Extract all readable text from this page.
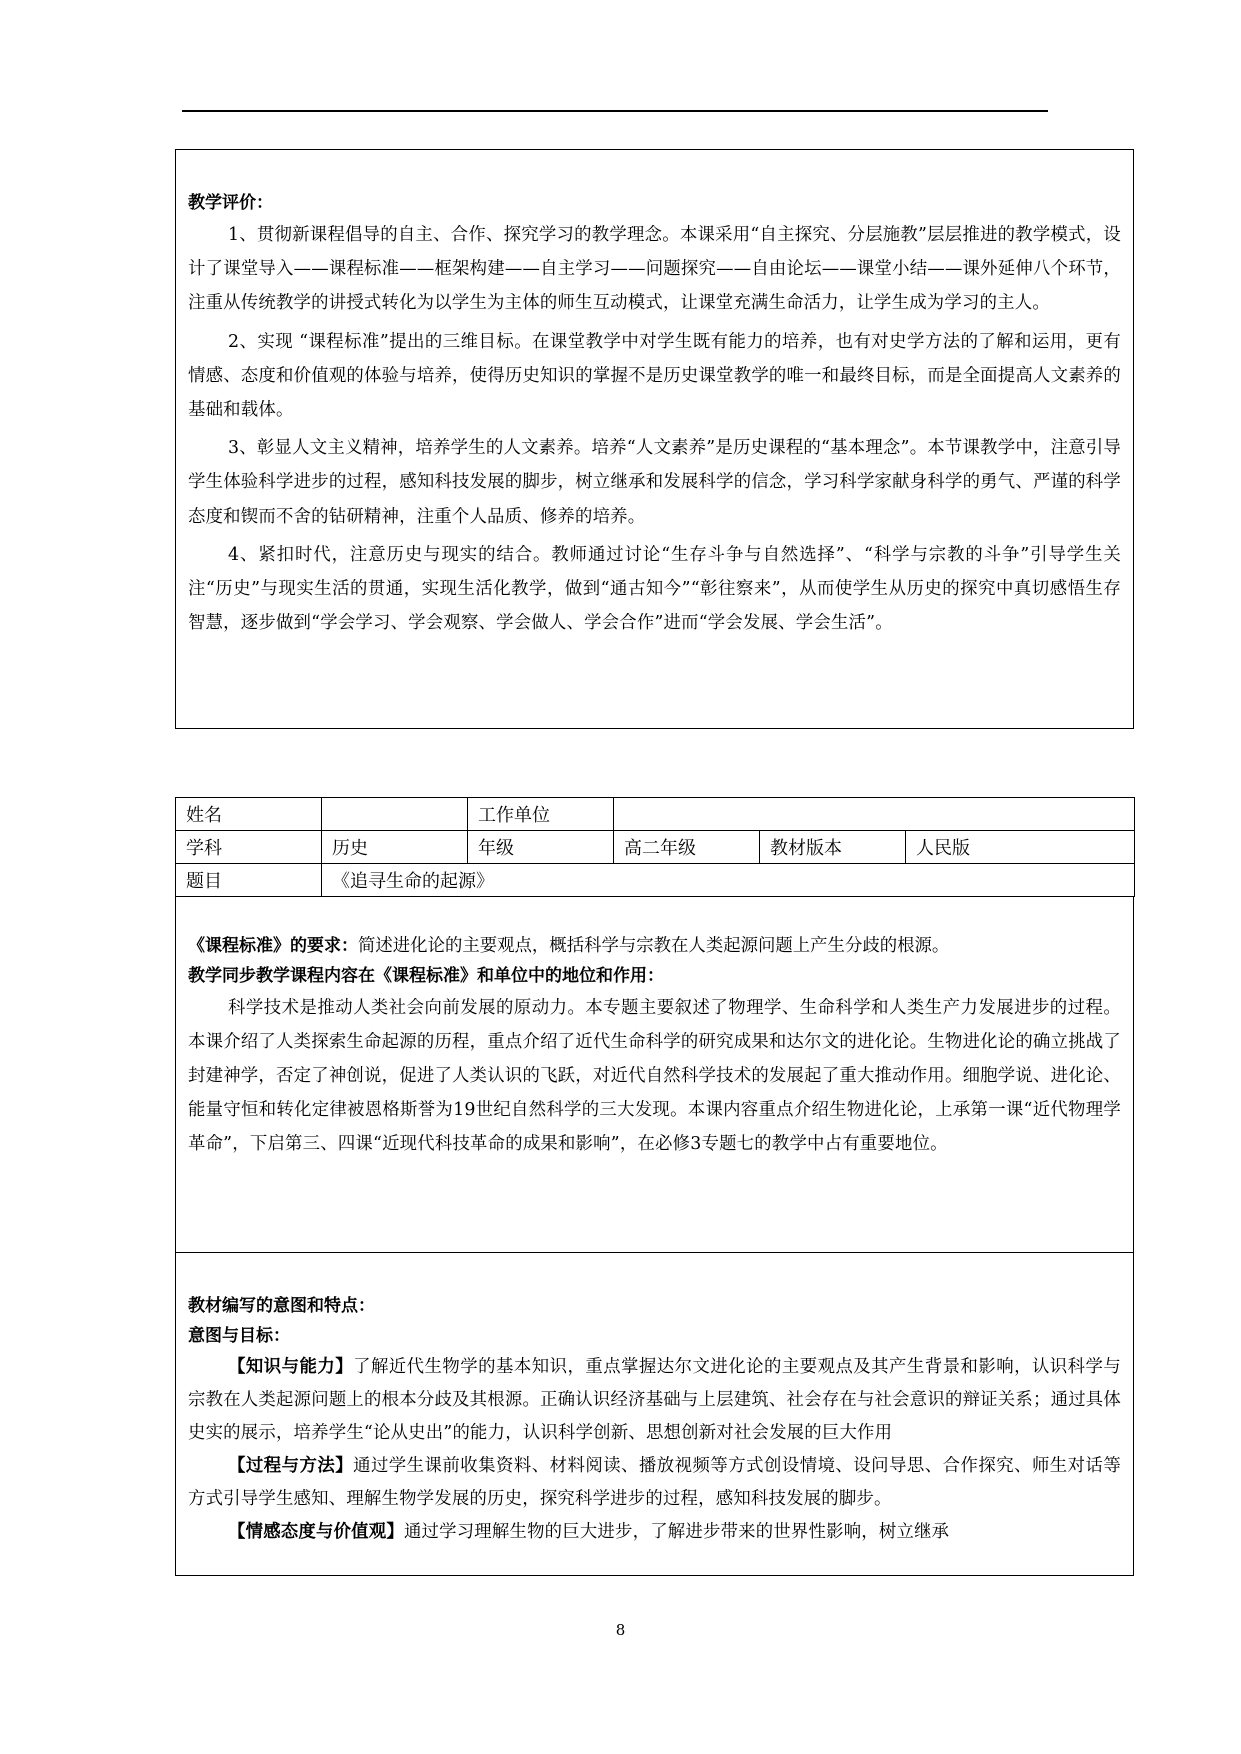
教学评价：

1、贯彻新课程倡导的自主、合作、探究学习的教学理念。本课采用“自主探究、分层施教”层层推进的教学模式，设计了课堂导入——课程标准——框架构建——自主学习——问题探究——自由论坛——课堂小结——课外延伸八个环节，注重从传统教学的讲授式转化为以学生为主体的师生互动模式，让课堂充满生命活力，让学生成为学习的主人。

2、实现 “课程标准”提出的三维目标。在课堂教学中对学生既有能力的培养，也有对史学方法的了解和运用，更有情感、态度和价值观的体验与培养，使得历史知识的掌握不是历史课堂教学的唯一和最终目标，而是全面提高人文素养的基础和载体。

3、彰显人文主义精神，培养学生的人文素养。培养“人文素养”是历史课程的“基本理念”。本节课教学中，注意引导学生体验科学进步的过程，感知科技发展的脚步，树立继承和发展科学的信念，学习科学家献身科学的勇气、严谨的科学态度和锲而不舍的钻研精神，注重个人品质、修养的培养。

4、紧扣时代，注意历史与现实的结合。教师通过讨论“生存斗争与自然选择”、“科学与宗教的斗争”引导学生关注“历史”与现实生活的贯通，实现生活化教学，做到“通古知今”“彰往察来”，从而使学生从历史的探究中真切感悟生存智慧，逐步做到“学会学习、学会观察、学会做人、学会合作”进而“学会发展、学会生活”。

姓名		工作单位			
学科	历史	年级	高二年级	教材版本	人民版
题目	《追寻生命的起源》				
《课程标准》的要求：简述进化论的主要观点，概括科学与宗教在人类起源问题上产生分歧的根源。
教学同步教学课程内容在《课程标准》和单位中的地位和作用：

科学技术是推动人类社会向前发展的原动力。本专题主要叙述了物理学、生命科学和人类生产力发展进步的过程。本课介绍了人类探索生命起源的历程，重点介绍了近代生命科学的研究成果和达尔文的进化论。生物进化论的确立挑战了封建神学，否定了神创说，促进了人类认识的飞跃，对近代自然科学技术的发展起了重大推动作用。细胞学说、进化论、能量守恒和转化定律被恩格斯誉为19世纪自然科学的三大发现。本课内容重点介绍生物进化论，上承第一课“近代物理学革命”，下启第三、四课“近现代科技革命的成果和影响”，在必修3专题七的教学中占有重要地位。

教材编写的意图和特点：
意图与目标：

【知识与能力】了解近代生物学的基本知识，重点掌握达尔文进化论的主要观点及其产生背景和影响，认识科学与宗教在人类起源问题上的根本分歧及其根源。正确认识经济基础与上层建筑、社会存在与社会意识的辩证关系；通过具体史实的展示，培养学生“论从史出”的能力，认识科学创新、思想创新对社会发展的巨大作用

【过程与方法】通过学生课前收集资料、材料阅读、播放视频等方式创设情境、设问导思、合作探究、师生对话等方式引导学生感知、理解生物学发展的历史，探究科学进步的过程，感知科技发展的脚步。

【情感态度与价值观】通过学习理解生物的巨大进步，了解进步带来的世界性影响，树立继承

8
